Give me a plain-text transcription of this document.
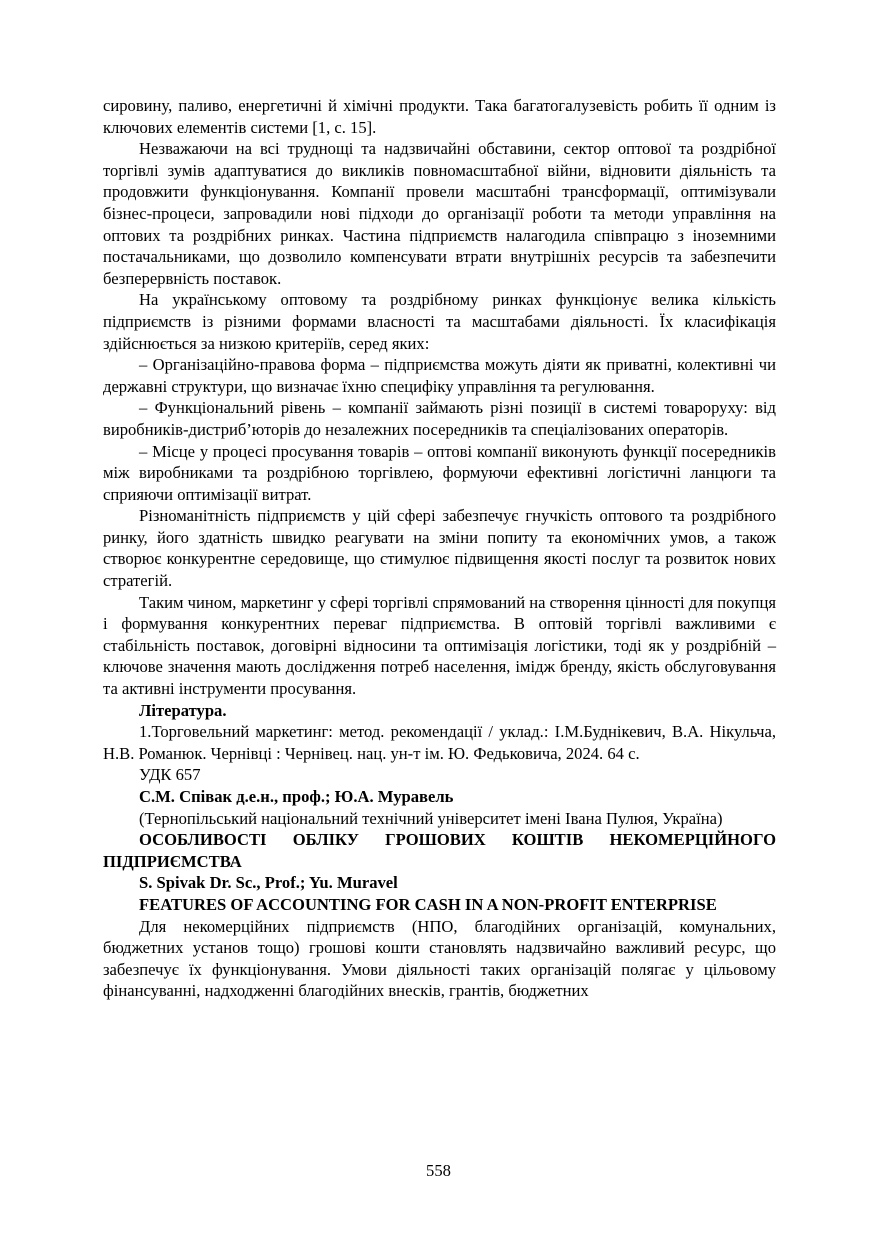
сировину, паливо, енергетичні й хімічні продукти. Така багатогалузевість робить її одним із ключових елементів системи [1, с. 15].

Незважаючи на всі труднощі та надзвичайні обставини, сектор оптової та роздрібної торгівлі зумів адаптуватися до викликів повномасштабної війни, відновити діяльність та продовжити функціонування. Компанії провели масштабні трансформації, оптимізували бізнес-процеси, запровадили нові підходи до організації роботи та методи управління на оптових та роздрібних ринках. Частина підприємств налагодила співпрацю з іноземними постачальниками, що дозволило компенсувати втрати внутрішніх ресурсів та забезпечити безперервність поставок.

На українському оптовому та роздрібному ринках функціонує велика кількість підприємств із різними формами власності та масштабами діяльності. Їх класифікація здійснюється за низкою критеріїв, серед яких:

– Організаційно-правова форма – підприємства можуть діяти як приватні, колективні чи державні структури, що визначає їхню специфіку управління та регулювання.

– Функціональний рівень – компанії займають різні позиції в системі товароруху: від виробників-дистриб’юторів до незалежних посередників та спеціалізованих операторів.

– Місце у процесі просування товарів – оптові компанії виконують функції посередників між виробниками та роздрібною торгівлею, формуючи ефективні логістичні ланцюги та сприяючи оптимізації витрат.

Різноманітність підприємств у цій сфері забезпечує гнучкість оптового та роздрібного ринку, його здатність швидко реагувати на зміни попиту та економічних умов, а також створює конкурентне середовище, що стимулює підвищення якості послуг та розвиток нових стратегій.

Таким чином, маркетинг у сфері торгівлі спрямований на створення цінності для покупця і формування конкурентних переваг підприємства. В оптовій торгівлі важливими є стабільність поставок, договірні відносини та оптимізація логістики, тоді як у роздрібній – ключове значення мають дослідження потреб населення, імідж бренду, якість обслуговування та активні інструменти просування.

Література.

1.Торговельний маркетинг: метод. рекомендації / уклад.: І.М.Буднікевич, В.А. Нікульча, Н.В. Романюк. Чернівці : Чернівец. нац. ун-т ім. Ю. Федьковича, 2024. 64 с.

УДК 657

С.М. Співак д.е.н., проф.; Ю.А. Муравель

(Тернопільський національний технічний університет імені Івана Пулюя, Україна)

ОСОБЛИВОСТІ ОБЛІКУ ГРОШОВИХ КОШТІВ НЕКОМЕРЦІЙНОГО ПІДПРИЄМСТВА

S. Spivak Dr. Sc., Prof.; Yu. Muravel

FEATURES OF ACCOUNTING FOR CASH IN A NON-PROFIT ENTERPRISE

Для некомерційних підприємств (НПО, благодійних організацій, комунальних, бюджетних установ тощо) грошові кошти становлять надзвичайно важливий ресурс, що забезпечує їх функціонування. Умови діяльності таких організацій полягає у цільовому фінансуванні, надходженні благодійних внесків, грантів, бюджетних

558
